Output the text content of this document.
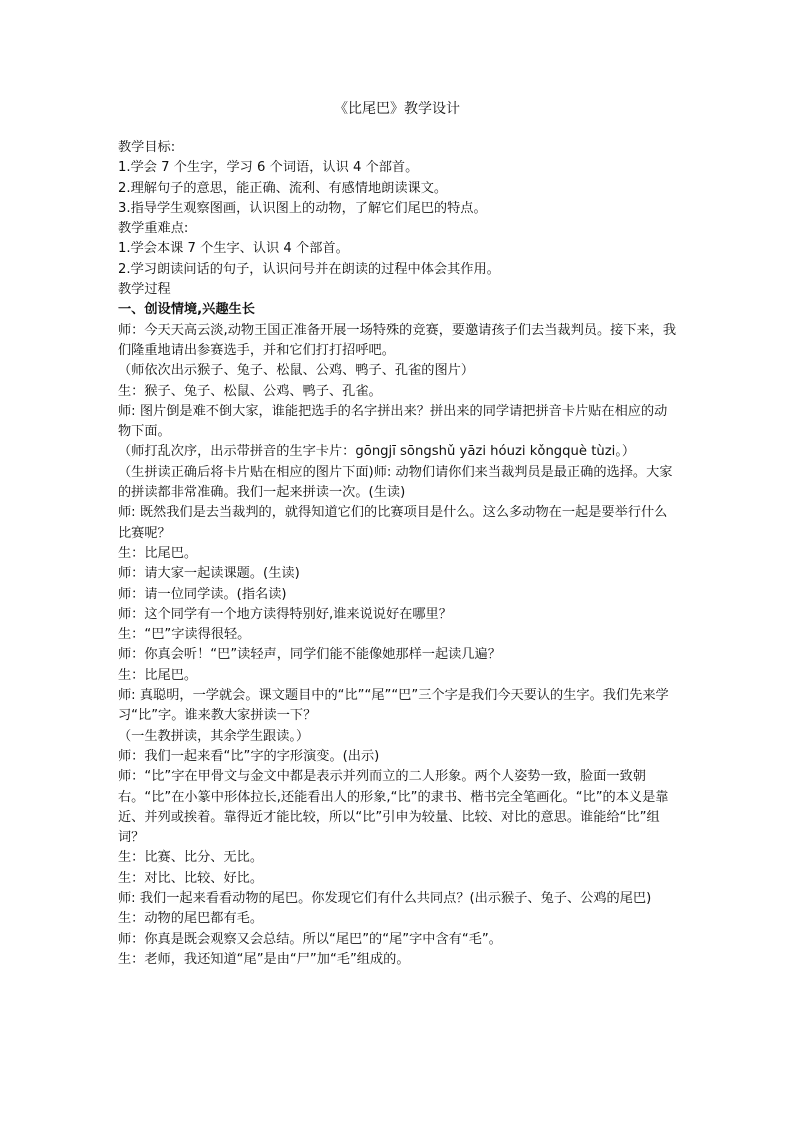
《比尾巴》教学设计

教学目标:

1.学会 7 个生字，学习 6 个词语，认识 4 个部首。

2.理解句子的意思，能正确、流利、有感情地朗读课文。

3.指导学生观察图画，认识图上的动物，了解它们尾巴的特点。

教学重难点:

1.学会本课 7 个生字、认识 4 个部首。

2.学习朗读问话的句子，认识问号并在朗读的过程中体会其作用。

教学过程

一、创设情境,兴趣生长

师：今天天高云淡,动物王国正准备开展一场特殊的竞赛，要邀请孩子们去当裁判员。接下来，我们隆重地请出参赛选手，并和它们打打招呼吧。

（师依次出示猴子、兔子、松鼠、公鸡、鸭子、孔雀的图片）

生：猴子、兔子、松鼠、公鸡、鸭子、孔雀。

师: 图片倒是难不倒大家，谁能把选手的名字拼出来？拼出来的同学请把拼音卡片贴在相应的动物下面。

（师打乱次序，出示带拼音的生字卡片：gōngjī sōngshǔ yāzi hóuzi kǒngquè tùzi。）

（生拼读正确后将卡片贴在相应的图片下面)师: 动物们请你们来当裁判员是最正确的选择。大家的拼读都非常准确。我们一起来拼读一次。(生读)

师: 既然我们是去当裁判的，就得知道它们的比赛项目是什么。这么多动物在一起是要举行什么比赛呢？

生：比尾巴。

师：请大家一起读课题。(生读)

师：请一位同学读。(指名读)

师：这个同学有一个地方读得特别好,谁来说说好在哪里？

生：“巴”字读得很轻。

师：你真会听！“巴”读轻声，同学们能不能像她那样一起读几遍？

生：比尾巴。

师: 真聪明，一学就会。课文题目中的“比”“尾”“巴”三个字是我们今天要认的生字。我们先来学习“比”字。谁来教大家拼读一下？

（一生教拼读，其余学生跟读。）

师：我们一起来看“比”字的字形演变。(出示)

师：“比”字在甲骨文与金文中都是表示并列而立的二人形象。两个人姿势一致，脸面一致朝右。“比”在小篆中形体拉长,还能看出人的形象,“比”的隶书、楷书完全笔画化。“比”的本义是靠近、并列或挨着。靠得近才能比较，所以“比”引申为较量、比较、对比的意思。谁能给“比”组词？

生：比赛、比分、无比。

生：对比、比较、好比。

师: 我们一起来看看动物的尾巴。你发现它们有什么共同点？(出示猴子、兔子、公鸡的尾巴)

生：动物的尾巴都有毛。

师：你真是既会观察又会总结。所以“尾巴”的“尾”字中含有“毛”。

生：老师，我还知道“尾”是由“尸”加“毛”组成的。
